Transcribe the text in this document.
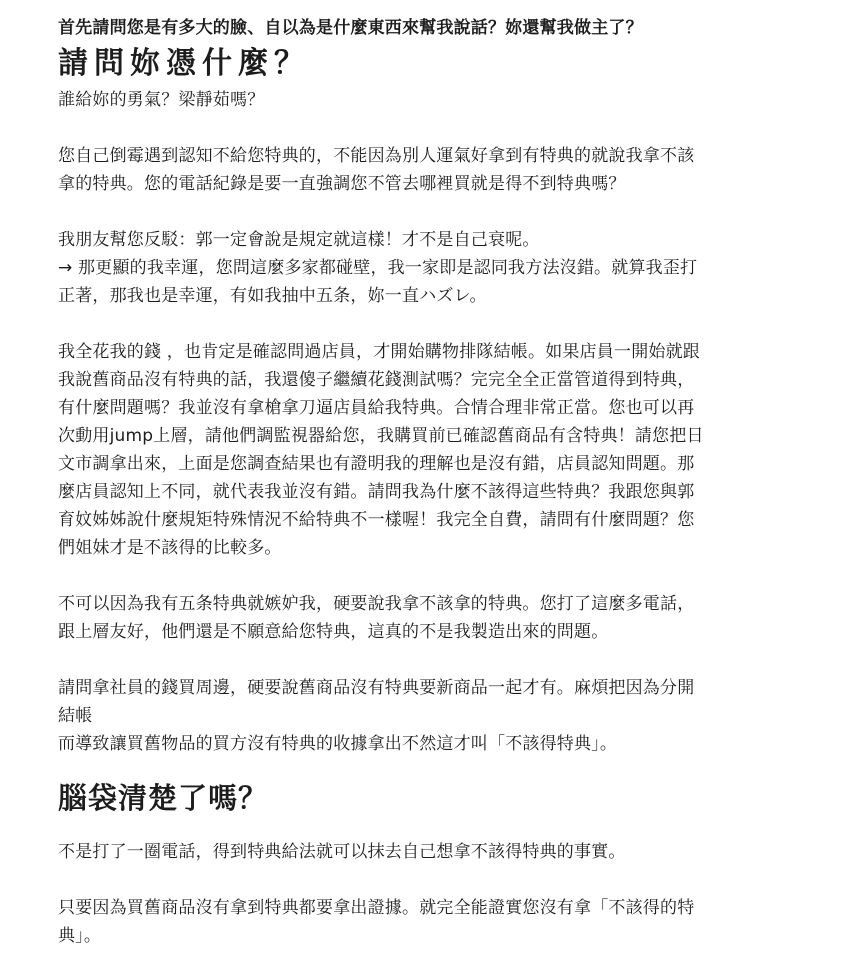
首先請問您是有多大的臉、自以為是什麼東西來幫我說話？妳還幫我做主了？
請問妳憑什麼？
誰給妳的勇氣？梁靜茹嗎？
您自己倒霉遇到認知不給您特典的，不能因為別人運氣好拿到有特典的就說我拿不該
拿的特典。您的電話紀錄是要一直強調您不管去哪裡買就是得不到特典嗎？
我朋友幫您反駁：郭一定會說是規定就這樣！才不是自己衰呢。
→ 那更顯的我幸運，您問這麼多家都碰壁，我一家即是認同我方法沒錯。就算我歪打
正著，那我也是幸運，有如我抽中五条，妳一直ハズレ。
我全花我的錢 ，也肯定是確認問過店員，才開始購物排隊結帳。如果店員一開始就跟
我說舊商品沒有特典的話，我還傻子繼續花錢測試嗎？完完全全正當管道得到特典，
有什麼問題嗎？我並沒有拿槍拿刀逼店員給我特典。合情合理非常正當。您也可以再
次動用jump上層，請他們調監視器給您，我購買前已確認舊商品有含特典！請您把日
文市調拿出來，上面是您調查結果也有證明我的理解也是沒有錯，店員認知問題。那
麼店員認知上不同，就代表我並沒有錯。請問我為什麼不該得這些特典？我跟您與郭
育妏姊姊說什麼規矩特殊情況不給特典不一樣喔！我完全自費，請問有什麼問題？您
們姐妹才是不該得的比較多。
不可以因為我有五条特典就嫉妒我，硬要說我拿不該拿的特典。您打了這麼多電話，
跟上層友好，他們還是不願意給您特典，這真的不是我製造出來的問題。
請問拿社員的錢買周邊，硬要說舊商品沒有特典要新商品一起才有。麻煩把因為分開
結帳
而導致讓買舊物品的買方沒有特典的收據拿出不然這才叫「不該得特典」。
腦袋清楚了嗎？
不是打了一圈電話，得到特典給法就可以抹去自己想拿不該得特典的事實。
只要因為買舊商品沒有拿到特典都要拿出證據。就完全能證實您沒有拿「不該得的特
典」。
